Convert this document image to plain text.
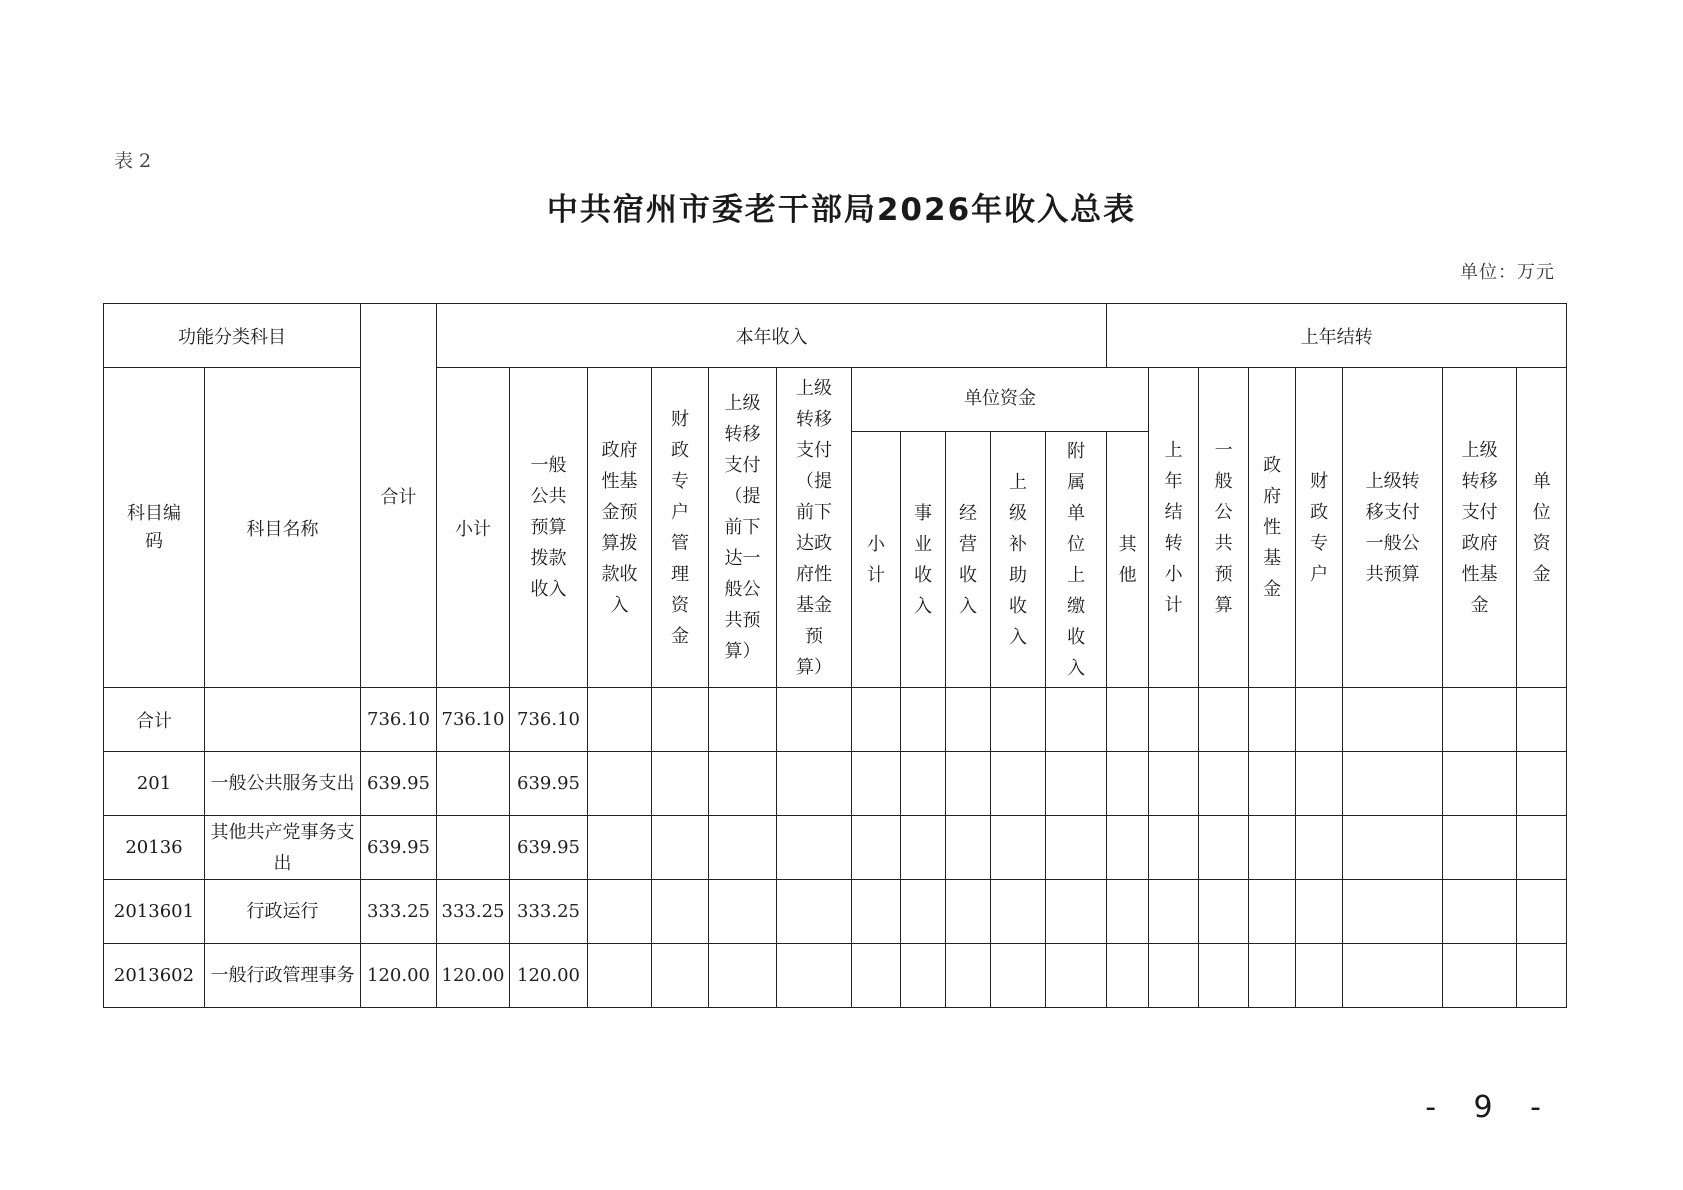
表 2
中共宿州市委老干部局2026年收入总表
单位：万元
功能分类科目		合计	本年收入											上年结转							
科目编码	科目名称		小计	一般公共预算拨款收入	政府性基金预算拨款收入	财政专户管理资金	上级转移支付（提前下达一般公共预算）	上级转移支付（提前下达政府性基金预算）	单位资金						上年结转小计	一般公共预算	政府性基金	财政专户	上级转移支付一般公共预算	上级转移支付政府性基金	单位资金
									小计	事业收入	经营收入	上级补助收入	附属单位上缴收入	其他							
合计		736.10	736.10	736.10																	
201	一般公共服务支出	639.95		639.95																	
20136	其他共产党事务支出	639.95		639.95																	
2013601	行政运行	333.25	333.25	333.25																	
2013602	一般行政管理事务	120.00	120.00	120.00																	
- 9 -
